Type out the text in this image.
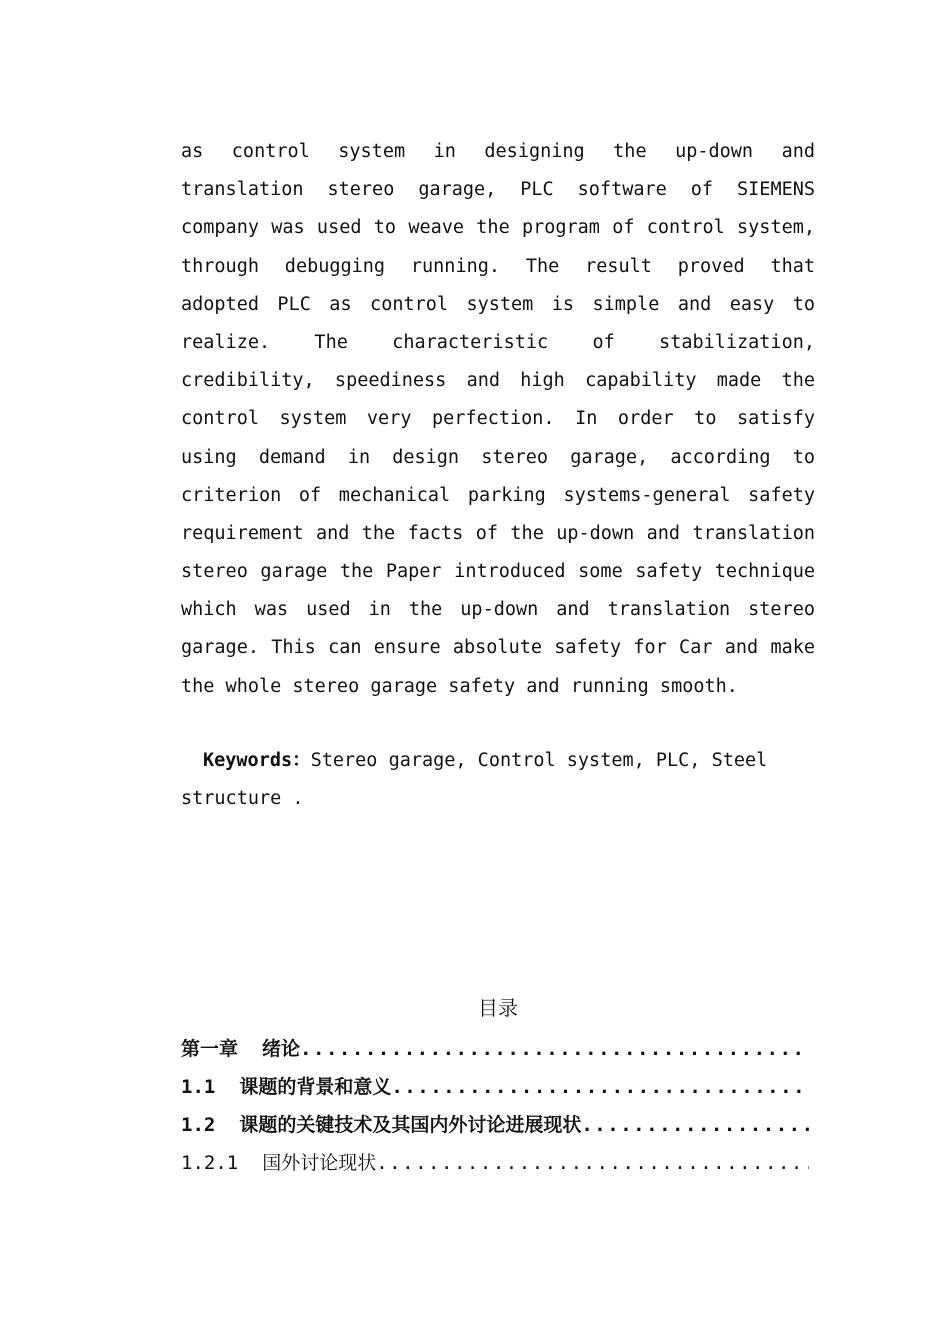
as control system in designing the up-down and
translation stereo garage, PLC software of SIEMENS
company was used to weave the program of control system,
through debugging running. The result proved that
adopted PLC as control system is simple and easy to
realize. The characteristic of stabilization,
credibility, speediness and high capability made the
control system very perfection. In order to satisfy
using demand in design stereo garage, according to
criterion of mechanical parking systems-general safety
requirement and the facts of the up-down and translation
stereo garage the Paper introduced some safety technique
which was used in the up-down and translation stereo
garage. This can ensure absolute safety for Car and make
the whole stereo garage safety and running smooth.
Keywords：Stereo garage, Control system, PLC, Steel
structure .
目录
第一章 绪论
.....
1.1 课题的背景和意义
.....
1.2 课题的关键技术及其国内外讨论进展现状
.....
1.2.1 国外讨论现状
.....
